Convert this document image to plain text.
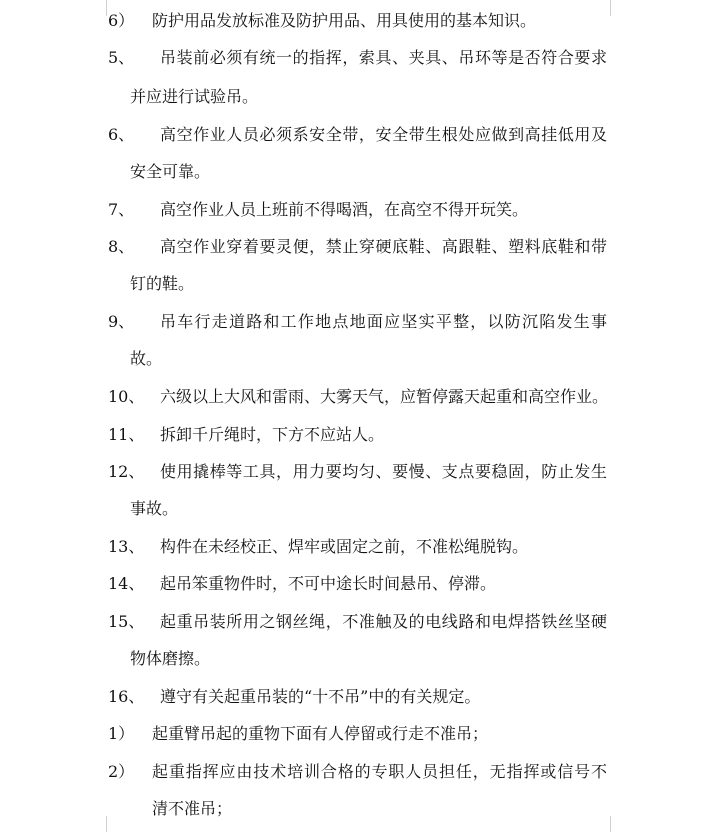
6） 防护用品发放标准及防护用品、用具使用的基本知识。
5、 吊装前必须有统一的指挥，索具、夹具、吊环等是否符合要求
并应进行试验吊。
6、 高空作业人员必须系安全带，安全带生根处应做到高挂低用及
安全可靠。
7、 高空作业人员上班前不得喝酒，在高空不得开玩笑。
8、 高空作业穿着要灵便，禁止穿硬底鞋、高跟鞋、塑料底鞋和带
钉的鞋。
9、 吊车行走道路和工作地点地面应坚实平整，以防沉陷发生事
故。
10、 六级以上大风和雷雨、大雾天气，应暂停露天起重和高空作业。
11、 拆卸千斤绳时，下方不应站人。
12、 使用撬棒等工具，用力要均匀、要慢、支点要稳固，防止发生
事故。
13、 构件在未经校正、焊牢或固定之前，不准松绳脱钩。
14、 起吊笨重物件时，不可中途长时间悬吊、停滞。
15、 起重吊装所用之钢丝绳，不准触及的电线路和电焊搭铁丝坚硬
物体磨擦。
16、 遵守有关起重吊装的“十不吊”中的有关规定。
1） 起重臂吊起的重物下面有人停留或行走不准吊；
2） 起重指挥应由技术培训合格的专职人员担任，无指挥或信号不
清不准吊；
